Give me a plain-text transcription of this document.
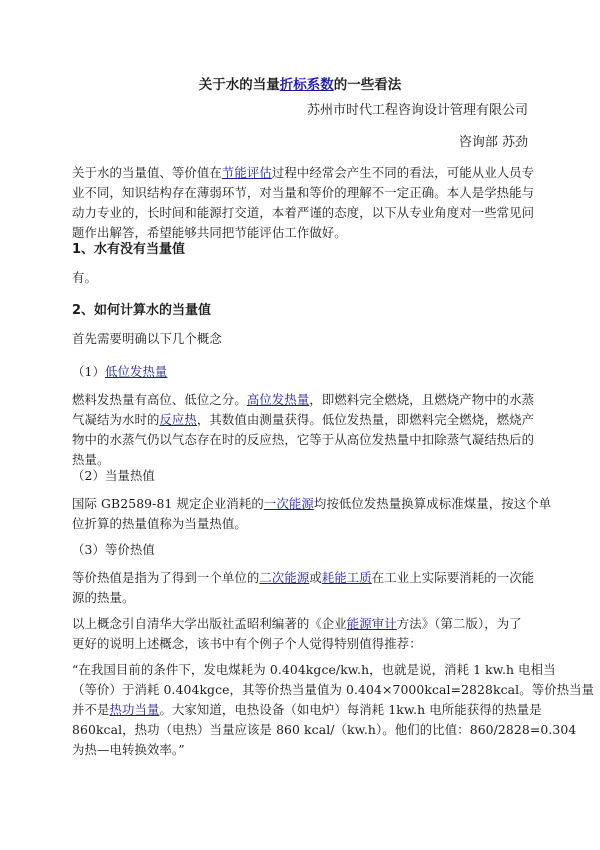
关于水的当量折标系数的一些看法
苏州市时代工程咨询设计管理有限公司
咨询部 苏劲
关于水的当量值、等价值在节能评估过程中经常会产生不同的看法，可能从业人员专
业不同，知识结构存在薄弱环节，对当量和等价的理解不一定正确。本人是学热能与
动力专业的，长时间和能源打交道，本着严谨的态度，以下从专业角度对一些常见问
题作出解答，希望能够共同把节能评估工作做好。
1、水有没有当量值
有。
2、如何计算水的当量值
首先需要明确以下几个概念
（1）低位发热量
燃料发热量有高位、低位之分。高位发热量，即燃料完全燃烧，且燃烧产物中的水蒸
气凝结为水时的反应热，其数值由测量获得。低位发热量，即燃料完全燃烧，燃烧产
物中的水蒸气仍以气态存在时的反应热，它等于从高位发热量中扣除蒸气凝结热后的
热量。
（2）当量热值
国际 GB2589-81 规定企业消耗的一次能源均按低位发热量换算成标准煤量，按这个单
位折算的热量值称为当量热值。
（3）等价热值
等价热值是指为了得到一个单位的二次能源或耗能工质在工业上实际要消耗的一次能
源的热量。
以上概念引自清华大学出版社孟昭利编著的《企业能源审计方法》（第二版），为了
更好的说明上述概念，该书中有个例子个人觉得特别值得推荐：
“在我国目前的条件下，发电煤耗为 0.404kgce/kw.h，也就是说，消耗 1 kw.h 电相当
（等价）于消耗 0.404kgce，其等价热当量值为 0.404×7000kcal=2828kcal。等价热当量
并不是热功当量。大家知道，电热设备（如电炉）每消耗 1kw.h 电所能获得的热量是
860kcal，热功（电热）当量应该是 860 kcal/（kw.h）。他们的比值：860/2828=0.304
为热—电转换效率。”
